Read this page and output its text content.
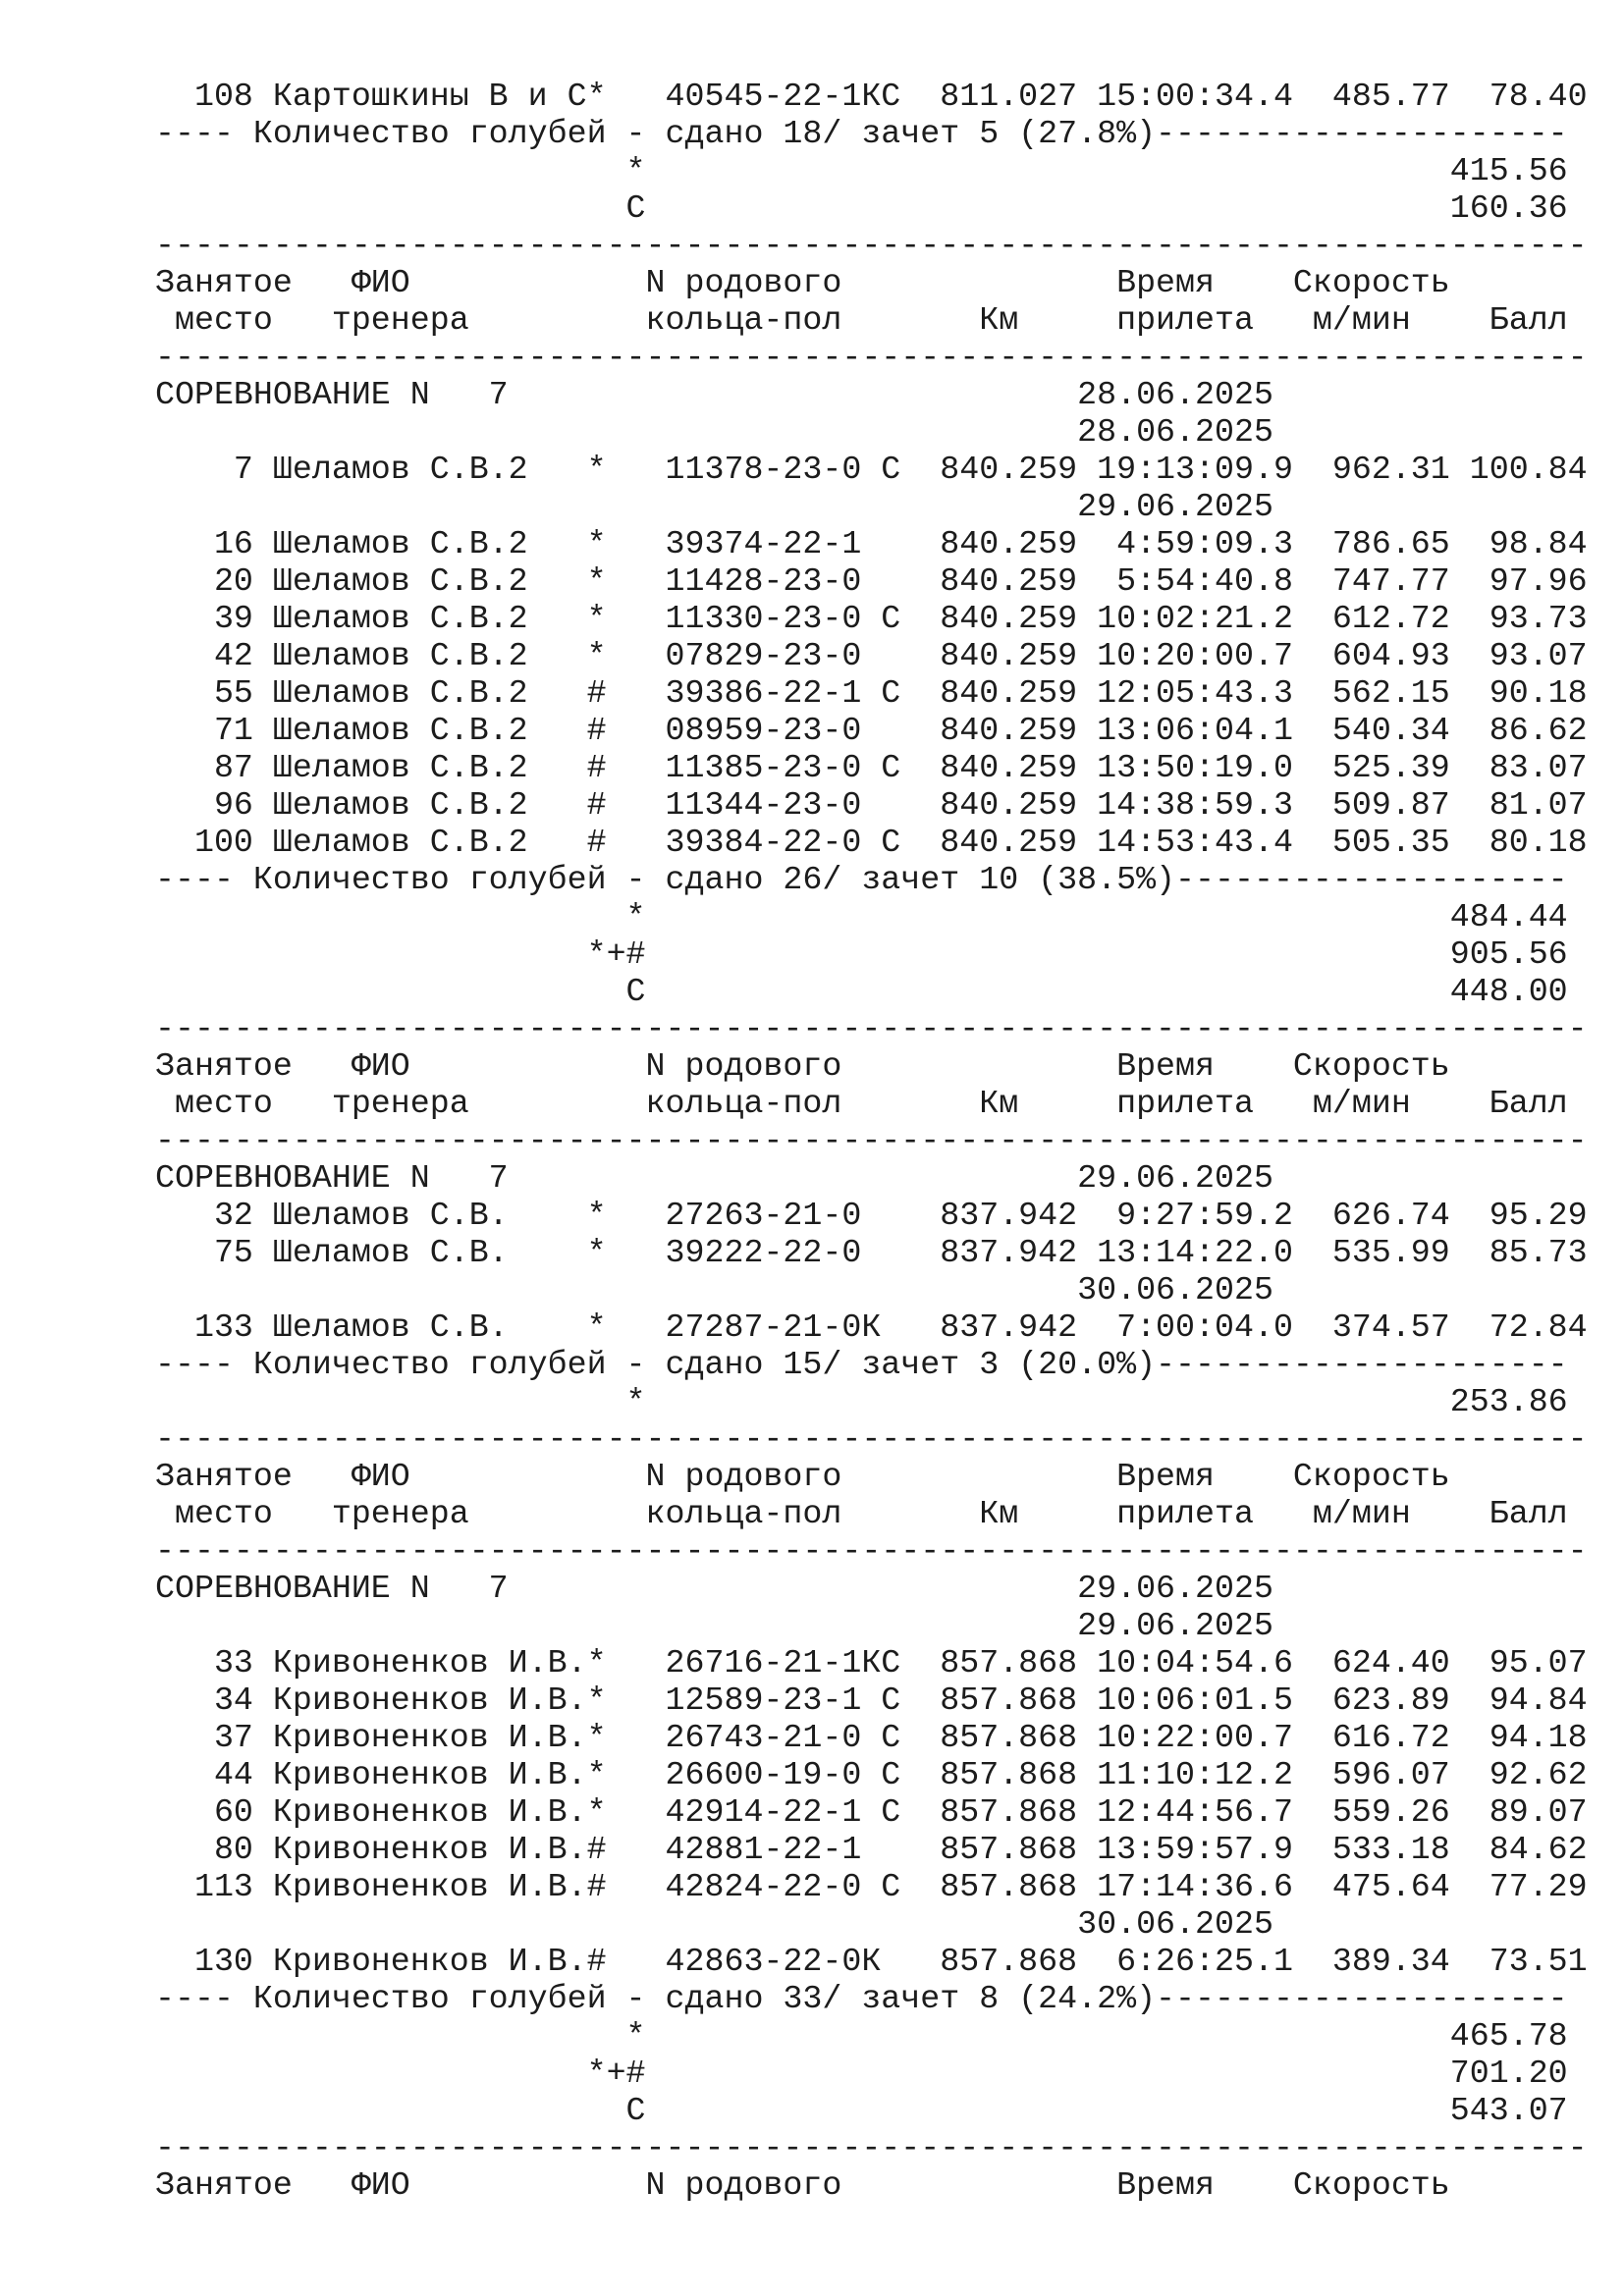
108 Картошкины В и С*   40545-22-1КС  811.027 15:00:34.4  485.77  78.40
---- Количество голубей - сдано 18/ зачет 5 (27.8%)---------------------
*                                         415.56
C                                         160.36
-------------------------------------------------------------------------
Занятое   ФИО            N родового              Время    Скорость
место   тренера         кольца-пол       Км     прилета   м/мин    Балл
-------------------------------------------------------------------------
СОРЕВНОВАНИЕ N   7                             28.06.2025
28.06.2025
7 Шеламов С.В.2   *   11378-23-0 C  840.259 19:13:09.9  962.31 100.84
29.06.2025
16 Шеламов С.В.2   *   39374-22-1    840.259  4:59:09.3  786.65  98.84
20 Шеламов С.В.2   *   11428-23-0    840.259  5:54:40.8  747.77  97.96
39 Шеламов С.В.2   *   11330-23-0 C  840.259 10:02:21.2  612.72  93.73
42 Шеламов С.В.2   *   07829-23-0    840.259 10:20:00.7  604.93  93.07
55 Шеламов С.В.2   #   39386-22-1 C  840.259 12:05:43.3  562.15  90.18
71 Шеламов С.В.2   #   08959-23-0    840.259 13:06:04.1  540.34  86.62
87 Шеламов С.В.2   #   11385-23-0 C  840.259 13:50:19.0  525.39  83.07
96 Шеламов С.В.2   #   11344-23-0    840.259 14:38:59.3  509.87  81.07
100 Шеламов С.В.2   #   39384-22-0 C  840.259 14:53:43.4  505.35  80.18
---- Количество голубей - сдано 26/ зачет 10 (38.5%)--------------------
*                                         484.44
*+#                                         905.56
C                                         448.00
-------------------------------------------------------------------------
Занятое   ФИО            N родового              Время    Скорость
место   тренера         кольца-пол       Км     прилета   м/мин    Балл
-------------------------------------------------------------------------
СОРЕВНОВАНИЕ N   7                             29.06.2025
32 Шеламов С.В.    *   27263-21-0    837.942  9:27:59.2  626.74  95.29
75 Шеламов С.В.    *   39222-22-0    837.942 13:14:22.0  535.99  85.73
30.06.2025
133 Шеламов С.В.    *   27287-21-0К   837.942  7:00:04.0  374.57  72.84
---- Количество голубей - сдано 15/ зачет 3 (20.0%)---------------------
*                                         253.86
-------------------------------------------------------------------------
Занятое   ФИО            N родового              Время    Скорость
место   тренера         кольца-пол       Км     прилета   м/мин    Балл
-------------------------------------------------------------------------
СОРЕВНОВАНИЕ N   7                             29.06.2025
29.06.2025
33 Кривоненков И.В.*   26716-21-1КС  857.868 10:04:54.6  624.40  95.07
34 Кривоненков И.В.*   12589-23-1 C  857.868 10:06:01.5  623.89  94.84
37 Кривоненков И.В.*   26743-21-0 C  857.868 10:22:00.7  616.72  94.18
44 Кривоненков И.В.*   26600-19-0 C  857.868 11:10:12.2  596.07  92.62
60 Кривоненков И.В.*   42914-22-1 C  857.868 12:44:56.7  559.26  89.07
80 Кривоненков И.В.#   42881-22-1    857.868 13:59:57.9  533.18  84.62
113 Кривоненков И.В.#   42824-22-0 C  857.868 17:14:36.6  475.64  77.29
30.06.2025
130 Кривоненков И.В.#   42863-22-0К   857.868  6:26:25.1  389.34  73.51
---- Количество голубей - сдано 33/ зачет 8 (24.2%)---------------------
*                                         465.78
*+#                                         701.20
C                                         543.07
-------------------------------------------------------------------------
Занятое   ФИО            N родового              Время    Скорость
